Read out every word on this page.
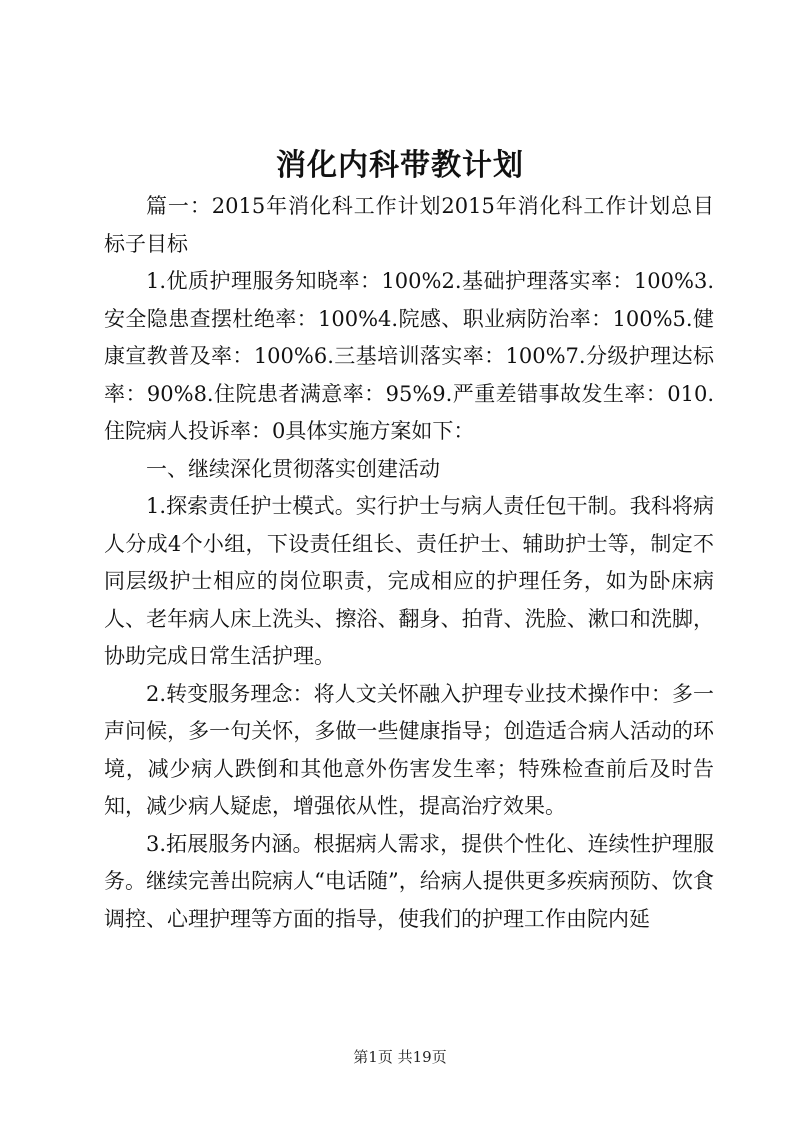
消化内科带教计划

篇一：2015年消化科工作计划2015年消化科工作计划总目标子目标

1.优质护理服务知晓率：100%2.基础护理落实率：100%3.安全隐患查摆杜绝率：100%4.院感、职业病防治率：100%5.健康宣教普及率：100%6.三基培训落实率：100%7.分级护理达标率：90%8.住院患者满意率：95%9.严重差错事故发生率：010.住院病人投诉率：0具体实施方案如下：

一、继续深化贯彻落实创建活动

1.探索责任护士模式。实行护士与病人责任包干制。我科将病人分成4个小组，下设责任组长、责任护士、辅助护士等，制定不同层级护士相应的岗位职责，完成相应的护理任务，如为卧床病人、老年病人床上洗头、擦浴、翻身、拍背、洗脸、漱口和洗脚，协助完成日常生活护理。

2.转变服务理念：将人文关怀融入护理专业技术操作中：多一声问候，多一句关怀，多做一些健康指导；创造适合病人活动的环境，减少病人跌倒和其他意外伤害发生率；特殊检查前后及时告知，减少病人疑虑，增强依从性，提高治疗效果。

3.拓展服务内涵。根据病人需求，提供个性化、连续性护理服务。继续完善出院病人“电话随”，给病人提供更多疾病预防、饮食调控、心理护理等方面的指导，使我们的护理工作由院内延

第1页 共19页
